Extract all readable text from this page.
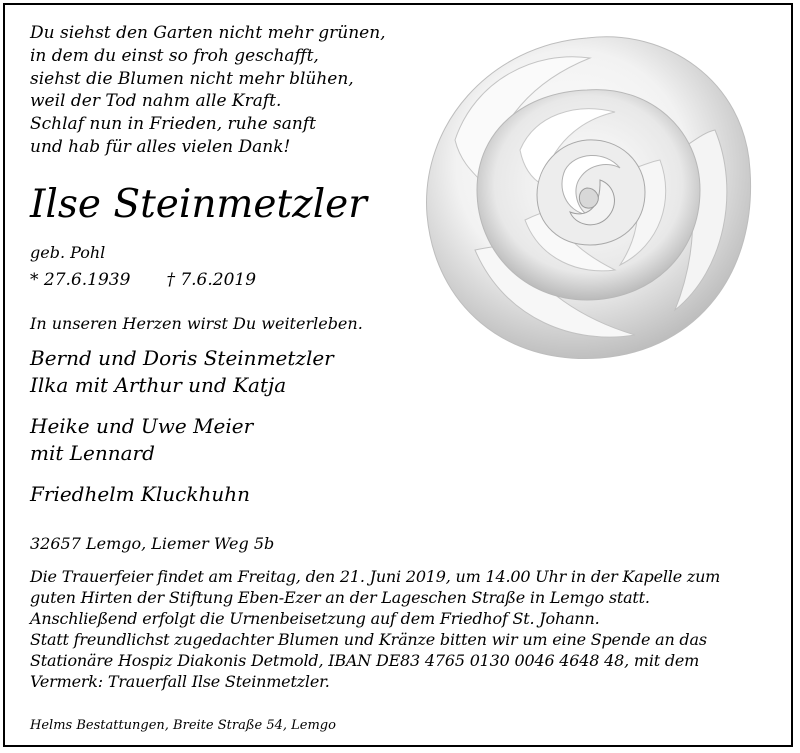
Du siehst den Garten nicht mehr grünen,
in dem du einst so froh geschafft,
siehst die Blumen nicht mehr blühen,
weil der Tod nahm alle Kraft.
Schlaf nun in Frieden, ruhe sanft
und hab für alles vielen Dank!
Ilse Steinmetzler
geb. Pohl
* 27.6.1939 † 7.6.2019
In unseren Herzen wirst Du weiterleben.
Bernd und Doris Steinmetzler
Ilka mit Arthur und Katja
Heike und Uwe Meier
mit Lennard
Friedhelm Kluckhuhn
32657 Lemgo, Liemer Weg 5b
Die Trauerfeier findet am Freitag, den 21. Juni 2019, um 14.00 Uhr in der Kapelle zum
guten Hirten der Stiftung Eben-Ezer an der Lageschen Straße in Lemgo statt.
Anschließend erfolgt die Urnenbeisetzung auf dem Friedhof St. Johann.
Statt freundlichst zugedachter Blumen und Kränze bitten wir um eine Spende an das
Stationäre Hospiz Diakonis Detmold, IBAN DE83 4765 0130 0046 4648 48, mit dem
Vermerk: Trauerfall Ilse Steinmetzler.
Helms Bestattungen, Breite Straße 54, Lemgo
